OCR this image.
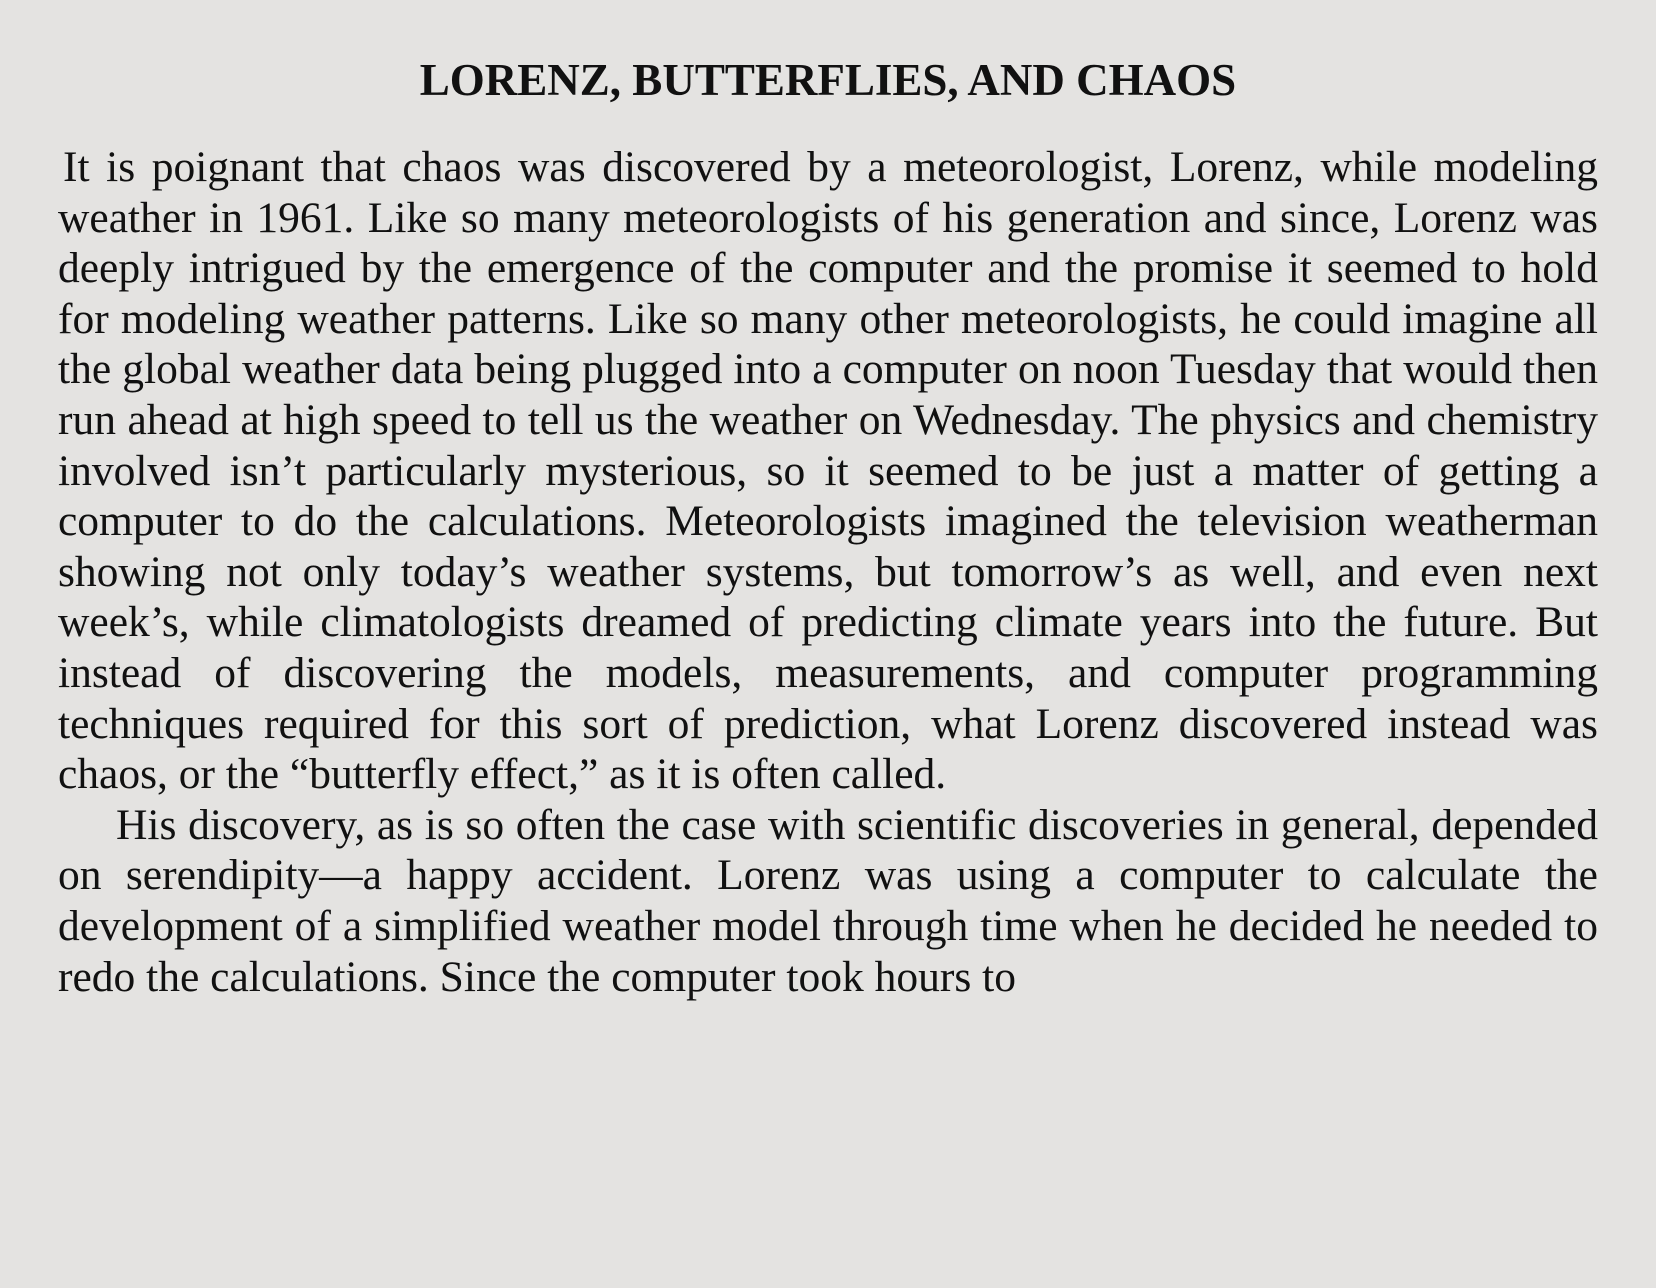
LORENZ, BUTTERFLIES, AND CHAOS

It is poignant that chaos was discovered by a meteorologist, Lorenz, while modeling weather in 1961. Like so many meteorologists of his generation and since, Lorenz was deeply intrigued by the emergence of the computer and the promise it seemed to hold for modeling weather patterns. Like so many other meteorologists, he could imagine all the global weather data being plugged into a computer on noon Tuesday that would then run ahead at high speed to tell us the weather on Wednesday. The physics and chemistry involved isn’t particularly mysterious, so it seemed to be just a matter of getting a computer to do the calculations. Meteorologists imagined the television weatherman showing not only today’s weather systems, but tomorrow’s as well, and even next week’s, while climatologists dreamed of predicting climate years into the future. But instead of discovering the models, measurements, and computer programming techniques required for this sort of prediction, what Lorenz discovered instead was chaos, or the “butterfly effect,” as it is often called.

His discovery, as is so often the case with scientific discoveries in general, depended on serendipity—a happy accident. Lorenz was using a computer to calculate the development of a simplified weather model through time when he decided he needed to redo the calculations. Since the computer took hours to
